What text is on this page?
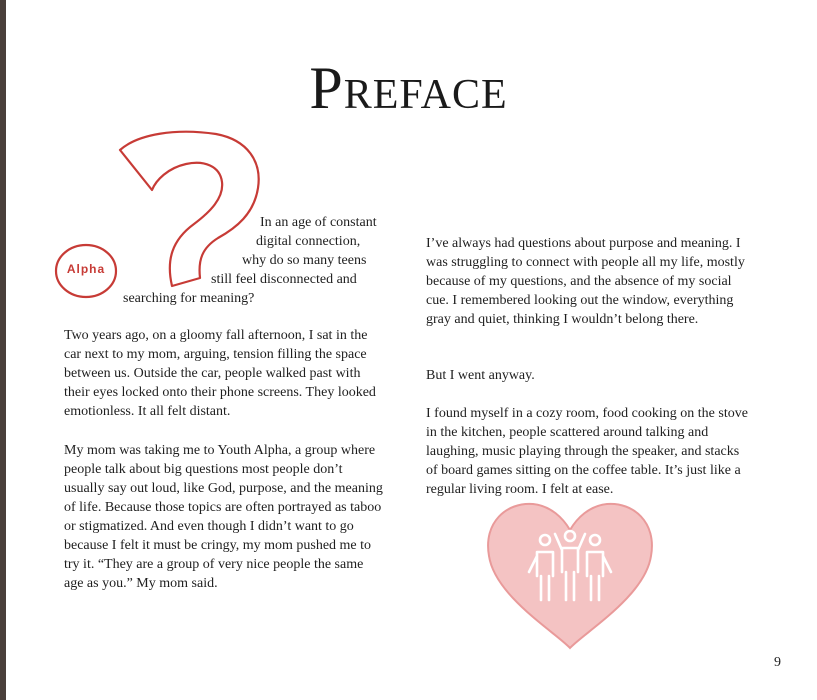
Preface
Alpha
In an age of constant
digital connection,
why do so many teens
still feel disconnected and
searching for meaning?

Two years ago, on a gloomy fall afternoon, I sat in the car next to my mom, arguing, tension filling the space between us. Outside the car, people walked past with their eyes locked onto their phone screens. They looked emotionless. It all felt distant.

My mom was taking me to Youth Alpha, a group where people talk about big questions most people don’t usually say out loud, like God, purpose, and the meaning of life. Because those topics are often portrayed as taboo or stigmatized. And even though I didn’t want to go because I felt it must be cringy, my mom pushed me to try it. “They are a group of very nice people the same age as you.” My mom said.

I’ve always had questions about purpose and meaning. I was struggling to connect with people all my life, mostly because of my questions, and the absence of my social cue. I remembered looking out the window, everything gray and quiet, thinking I wouldn’t belong there.

But I went anyway.

I found myself in a cozy room, food cooking on the stove in the kitchen, people scattered around talking and laughing, music playing through the speaker, and stacks of board games sitting on the coffee table. It’s just like a regular living room. I felt at ease.

9
